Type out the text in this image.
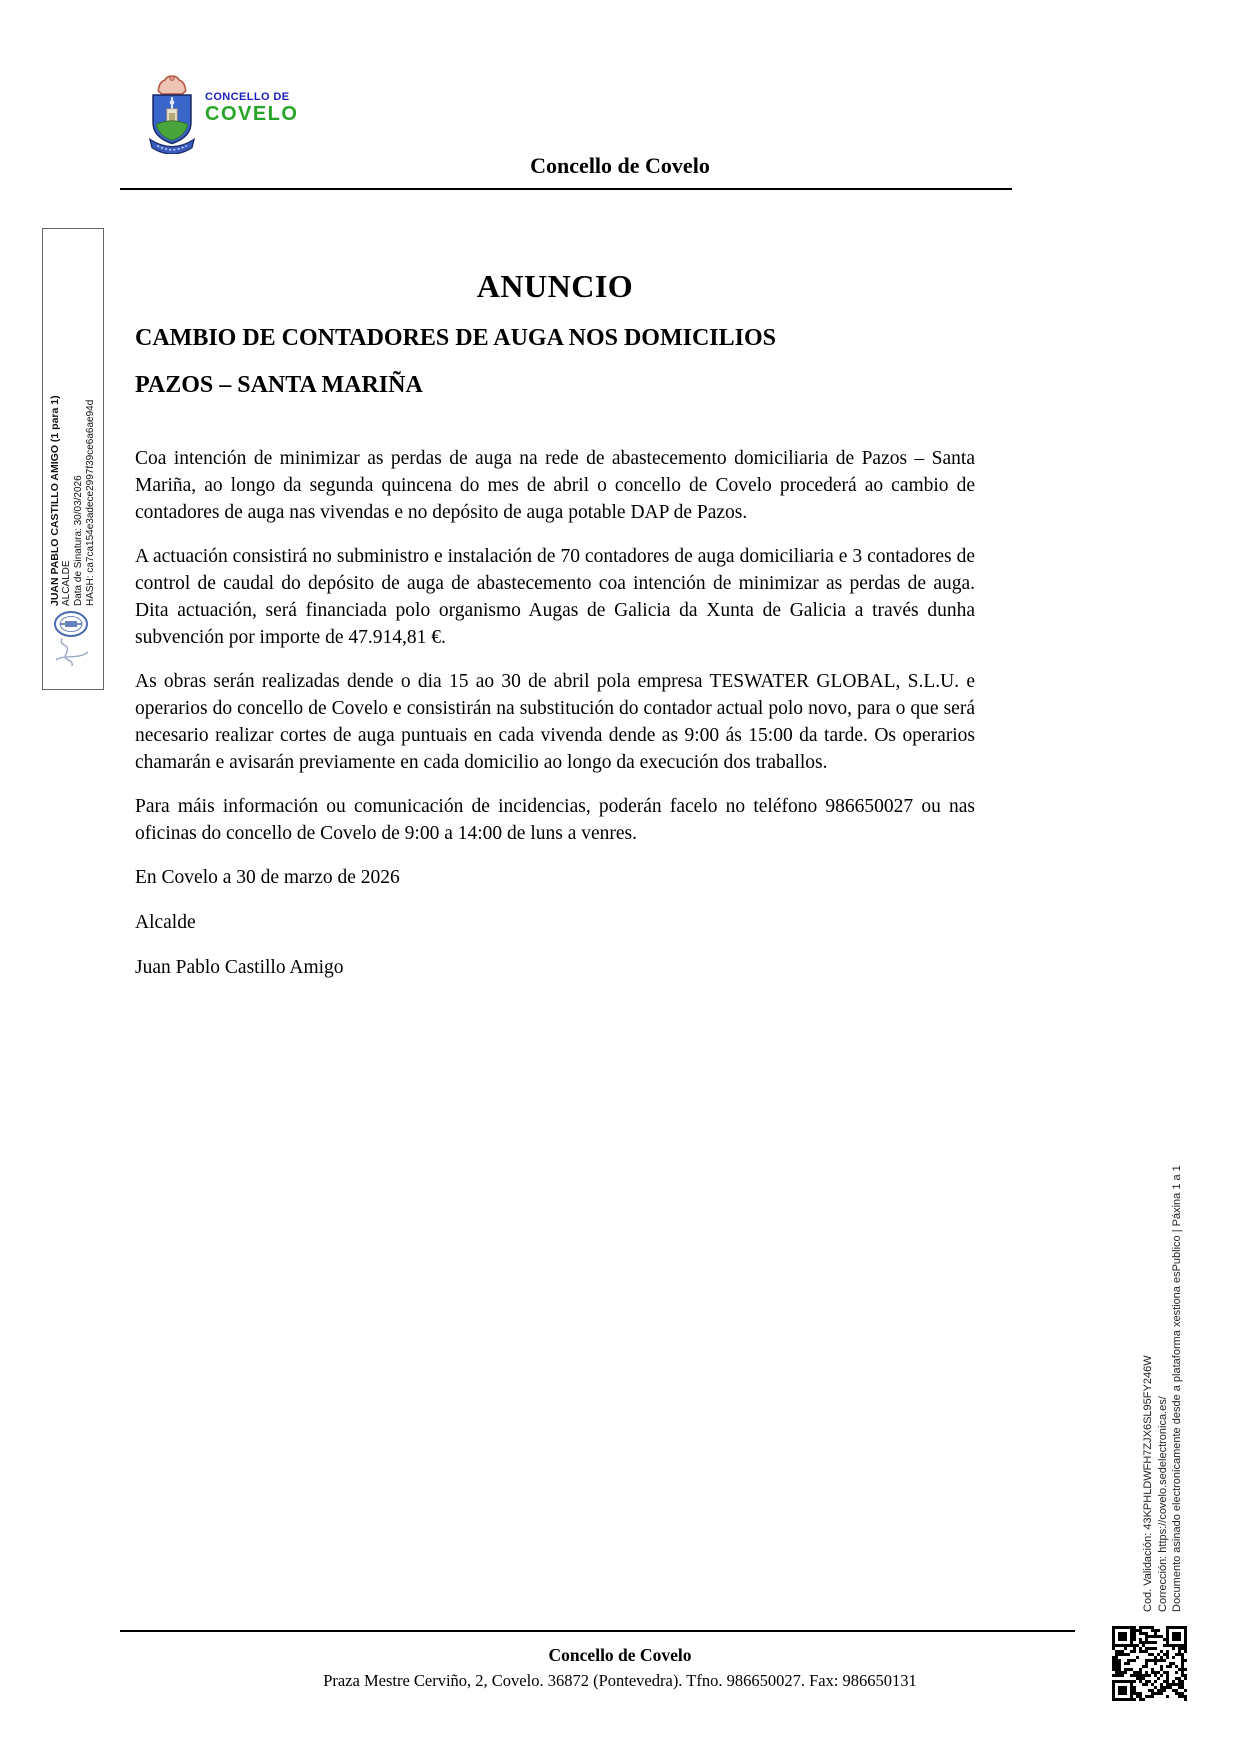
CONCELLO DE
COVELO
Concello de Covelo
ANUNCIO
CAMBIO DE CONTADORES DE AUGA NOS DOMICILIOS
PAZOS – SANTA MARIÑA

Coa intención de minimizar as perdas de auga na rede de abastecemento domiciliaria de Pazos – Santa Mariña, ao longo da segunda quincena do mes de abril o concello de Covelo procederá ao cambio de contadores de auga nas vivendas e no depósito de auga potable DAP de Pazos.

A actuación consistirá no subministro e instalación de 70 contadores de auga domiciliaria e 3 contadores de control de caudal do depósito de auga de abastecemento coa intención de minimizar as perdas de auga. Dita actuación, será financiada polo organismo Augas de Galicia da Xunta de Galicia a través dunha subvención por importe de 47.914,81 €.

As obras serán realizadas dende o dia 15 ao 30 de abril pola empresa TESWATER GLOBAL, S.L.U. e operarios do concello de Covelo e consistirán na substitución do contador actual polo novo, para o que será necesario realizar cortes de auga puntuais en cada vivenda dende as 9:00 ás 15:00 da tarde. Os operarios chamarán e avisarán previamente en cada domicilio ao longo da execución dos traballos.

Para máis información ou comunicación de incidencias, poderán facelo no teléfono 986650027 ou nas oficinas do concello de Covelo de 9:00 a 14:00 de luns a venres.

En Covelo a 30 de marzo de 2026

Alcalde

Juan Pablo Castillo Amigo

JUAN PABLO CASTILLO AMIGO (1 para 1) ALCALDE Data de Sinatura: 30/03/2026 HASH: ca7ca154e3adece2997f39ce6a6ae94d
Cod. Validación: 43KPHLDWFH7ZJX6SL95FY246W Corrección: https://covelo.sedelectronica.es/ Documento asinado electronicamente desde a plataforma xestiona esPublico | Páxina 1 a 1
Concello de Covelo
Praza Mestre Cerviño, 2, Covelo. 36872 (Pontevedra). Tfno. 986650027. Fax: 986650131
